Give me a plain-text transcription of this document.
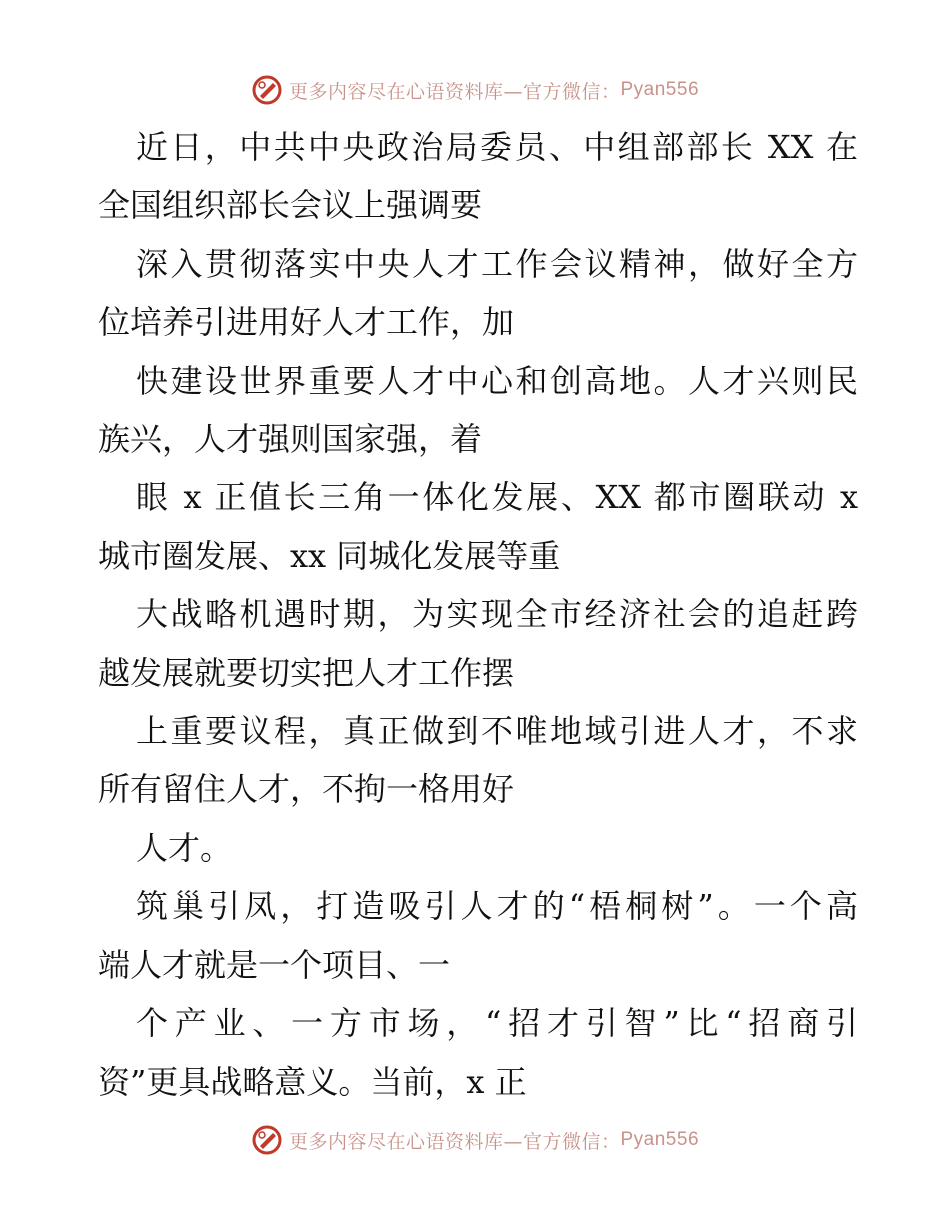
更多内容尽在心语资料库—官方微信： Pyan556

近日，中共中央政治局委员、中组部部长 XX 在
全国组织部长会议上强调要

深入贯彻落实中央人才工作会议精神，做好全方
位培养引进用好人才工作，加

快建设世界重要人才中心和创高地。人才兴则民
族兴，人才强则国家强，着

眼 x 正值长三角一体化发展、XX 都市圈联动 x
城市圈发展、xx 同城化发展等重

大战略机遇时期，为实现全市经济社会的追赶跨
越发展就要切实把人才工作摆

上重要议程，真正做到不唯地域引进人才，不求
所有留住人才，不拘一格用好

人才。

筑巢引凤，打造吸引人才的“梧桐树”。一个高
端人才就是一个项目、一

个产业、一方市场，“招才引智”比“招商引
资”更具战略意义。当前，x 正

更多内容尽在心语资料库—官方微信： Pyan556
